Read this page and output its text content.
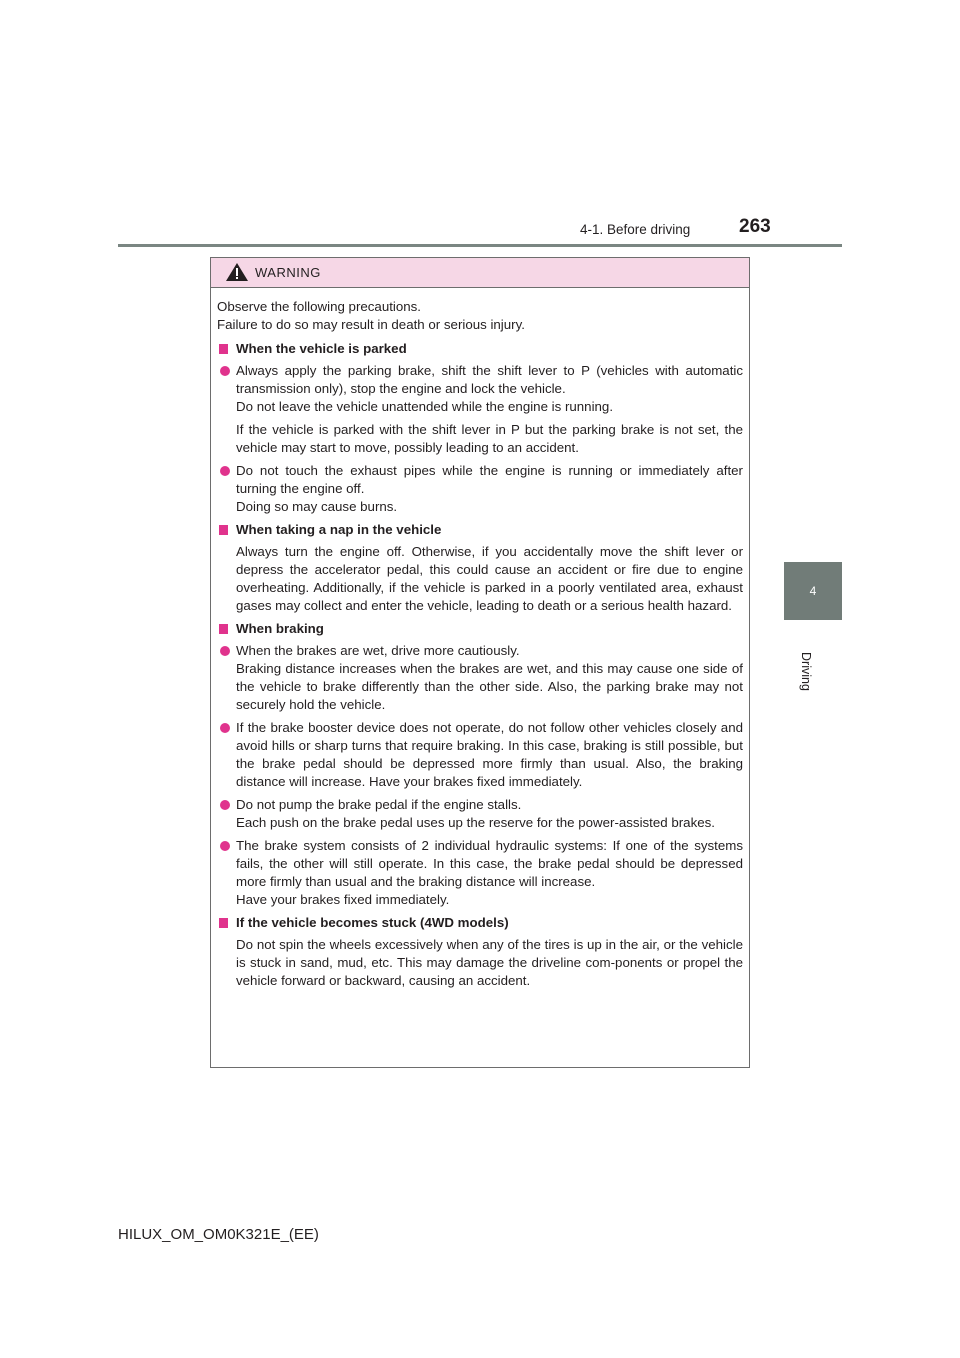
4-1. Before driving	263
4
Driving
WARNING

Observe the following precautions.
Failure to do so may result in death or serious injury.

When the vehicle is parked
Always apply the parking brake, shift the shift lever to P (vehicles with automatic transmission only), stop the engine and lock the vehicle.
Do not leave the vehicle unattended while the engine is running.

If the vehicle is parked with the shift lever in P but the parking brake is not set, the vehicle may start to move, possibly leading to an accident.

Do not touch the exhaust pipes while the engine is running or immediately after turning the engine off.
Doing so may cause burns.
When taking a nap in the vehicle

Always turn the engine off. Otherwise, if you accidentally move the shift lever or depress the accelerator pedal, this could cause an accident or fire due to engine overheating. Additionally, if the vehicle is parked in a poorly ventilated area, exhaust gases may collect and enter the vehicle, leading to death or a serious health hazard.

When braking
When the brakes are wet, drive more cautiously.
Braking distance increases when the brakes are wet, and this may cause one side of the vehicle to brake differently than the other side. Also, the parking brake may not securely hold the vehicle.
If the brake booster device does not operate, do not follow other vehicles closely and avoid hills or sharp turns that require braking. In this case, braking is still possible, but the brake pedal should be depressed more firmly than usual. Also, the braking distance will increase. Have your brakes fixed immediately.
Do not pump the brake pedal if the engine stalls.
Each push on the brake pedal uses up the reserve for the power-assisted brakes.
The brake system consists of 2 individual hydraulic systems: If one of the systems fails, the other will still operate. In this case, the brake pedal should be depressed more firmly than usual and the braking distance will increase.
Have your brakes fixed immediately.
If the vehicle becomes stuck (4WD models)

Do not spin the wheels excessively when any of the tires is up in the air, or the vehicle is stuck in sand, mud, etc. This may damage the driveline com-ponents or propel the vehicle forward or backward, causing an accident.

HILUX_OM_OM0K321E_(EE)
